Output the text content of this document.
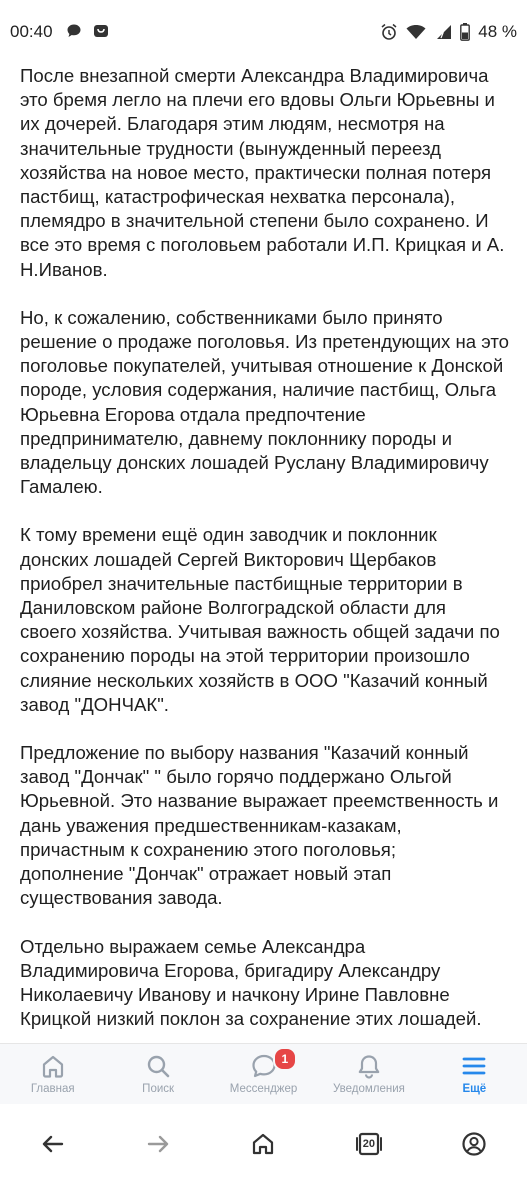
00:40	48 %

После внезапной смерти Александра Владимировича
это бремя легло на плечи его вдовы Ольги Юрьевны и
их дочерей. Благодаря этим людям, несмотря на
значительные трудности (вынужденный переезд
хозяйства на новое место, практически полная потеря
пастбищ, катастрофическая нехватка персонала),
племядро в значительной степени было сохранено. И
все это время с поголовьем работали И.П. Крицкая и А.
Н.Иванов.

Но, к сожалению, собственниками было принято
решение о продаже поголовья. Из претендующих на это
поголовье покупателей, учитывая отношение к Донской
породе, условия содержания, наличие пастбищ, Ольга
Юрьевна Егорова отдала предпочтение
предпринимателю, давнему поклоннику породы и
владельцу донских лошадей Руслану Владимировичу
Гамалею.

К тому времени ещё один заводчик и поклонник
донских лошадей Сергей Викторович Щербаков
приобрел значительные пастбищные территории в
Даниловском районе Волгоградской области для
своего хозяйства. Учитывая важность общей задачи по
сохранению породы на этой территории произошло
слияние нескольких хозяйств в ООО "Казачий конный
завод "ДОНЧАК".

Предложение по выбору названия "Казачий конный
завод "Дончак" " было горячо поддержано Ольгой
Юрьевной. Это название выражает преемственность и
дань уважения предшественникам-казакам,
причастным к сохранению этого поголовья;
дополнение "Дончак" отражает новый этап
существования завода.

Отдельно выражаем семье Александра
Владимировича Егорова, бригадиру Александру
Николаевичу Иванову и начкону Ирине Павловне
Крицкой низкий поклон за сохранение этих лошадей.

Главная	Поиск
1
Мессенджер	Уведомления	Ещё
20
